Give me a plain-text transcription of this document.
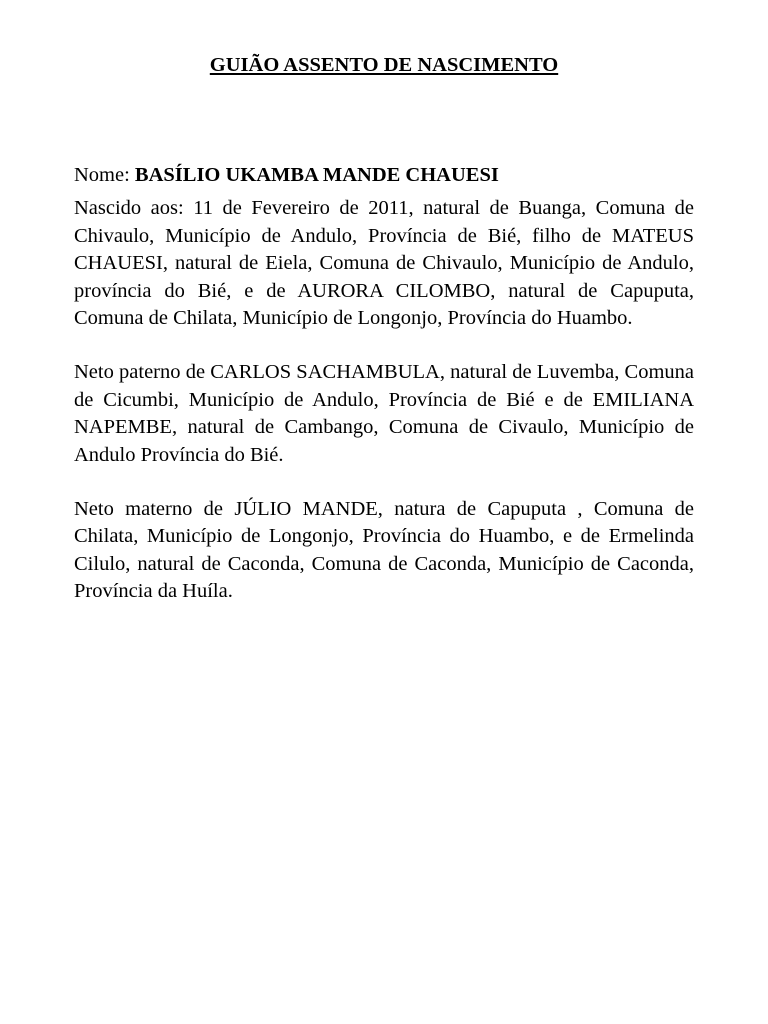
GUIÃO ASSENTO DE NASCIMENTO

Nome: BASÍLIO UKAMBA MANDE CHAUESI

Nascido aos: 11 de Fevereiro de 2011, natural de Buanga, Comuna de Chivaulo, Município de Andulo, Província de Bié, filho de MATEUS CHAUESI, natural de Eiela, Comuna de Chivaulo, Município de Andulo, província do Bié, e de AURORA CILOMBO, natural de Capuputa, Comuna de Chilata, Município de Longonjo, Província do Huambo.

Neto paterno de CARLOS SACHAMBULA, natural de Luvemba, Comuna de Cicumbi, Município de Andulo, Província de Bié e de EMILIANA NAPEMBE, natural de Cambango, Comuna de Civaulo, Município de Andulo Província do Bié.

Neto materno de JÚLIO MANDE, natura de Capuputa , Comuna de Chilata, Município de Longonjo, Província do Huambo, e de Ermelinda Cilulo, natural de Caconda, Comuna de Caconda, Município de Caconda, Província da Huíla.
